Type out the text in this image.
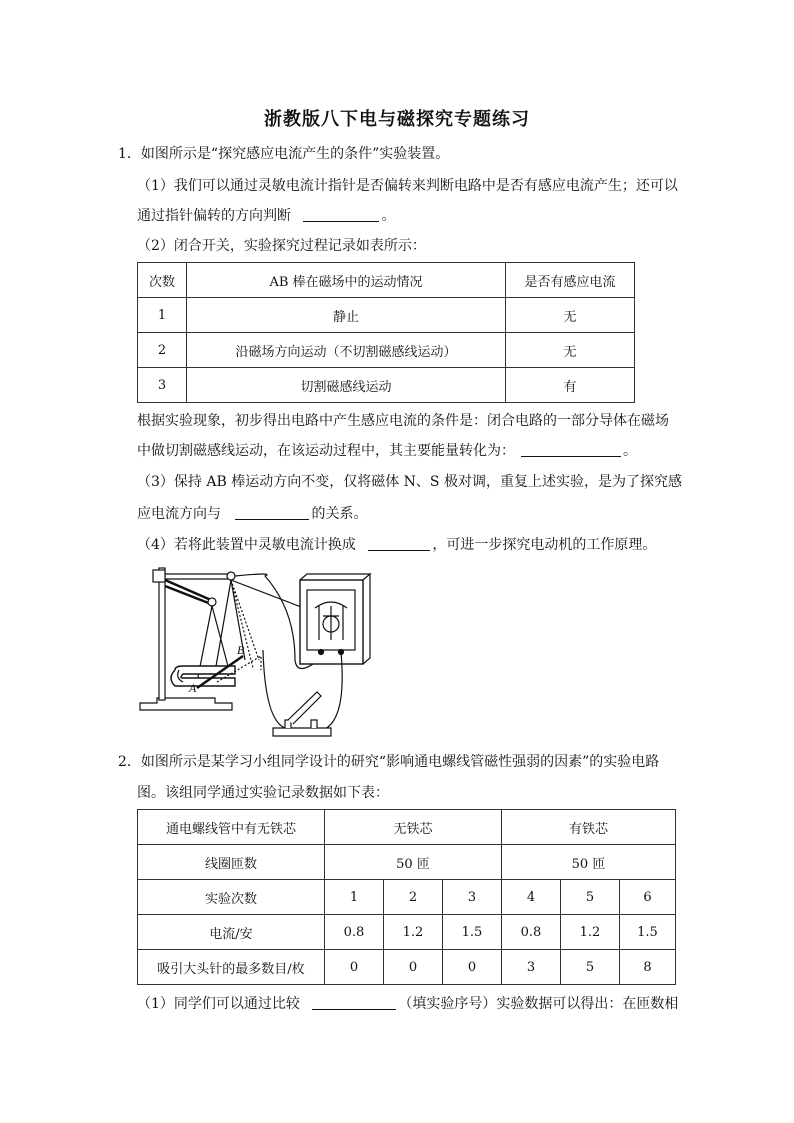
浙教版八下电与磁探究专题练习
1．如图所示是“探究感应电流产生的条件”实验装置。
（1）我们可以通过灵敏电流计指针是否偏转来判断电路中是否有感应电流产生；还可以
通过指针偏转的方向判断	。
（2）闭合开关，实验探究过程记录如表所示：
次数	AB 棒在磁场中的运动情况	是否有感应电流
1	静止	无
2	沿磁场方向运动（不切割磁感线运动）	无
3	切割磁感线运动	有
根据实验现象，初步得出电路中产生感应电流的条件是：闭合电路的一部分导体在磁场
中做切割磁感线运动，在该运动过程中，其主要能量转化为：	。
（3）保持 AB 棒运动方向不变，仅将磁体 N、S 极对调，重复上述实验，是为了探究感
应电流方向与	的关系。
（4）若将此装置中灵敏电流计换成	，可进一步探究电动机的工作原理。
A
B
2．如图所示是某学习小组同学设计的研究“影响通电螺线管磁性强弱的因素”的实验电路
图。该组同学通过实验记录数据如下表：
通电螺线管中有无铁芯	无铁芯			有铁芯		
线圈匝数	50 匝			50 匝		
实验次数	1	2	3	4	5	6
电流/安	0.8	1.2	1.5	0.8	1.2	1.5
吸引大头针的最多数目/枚	0	0	0	3	5	8
（1）同学们可以通过比较	（填实验序号）实验数据可以得出：在匝数相
